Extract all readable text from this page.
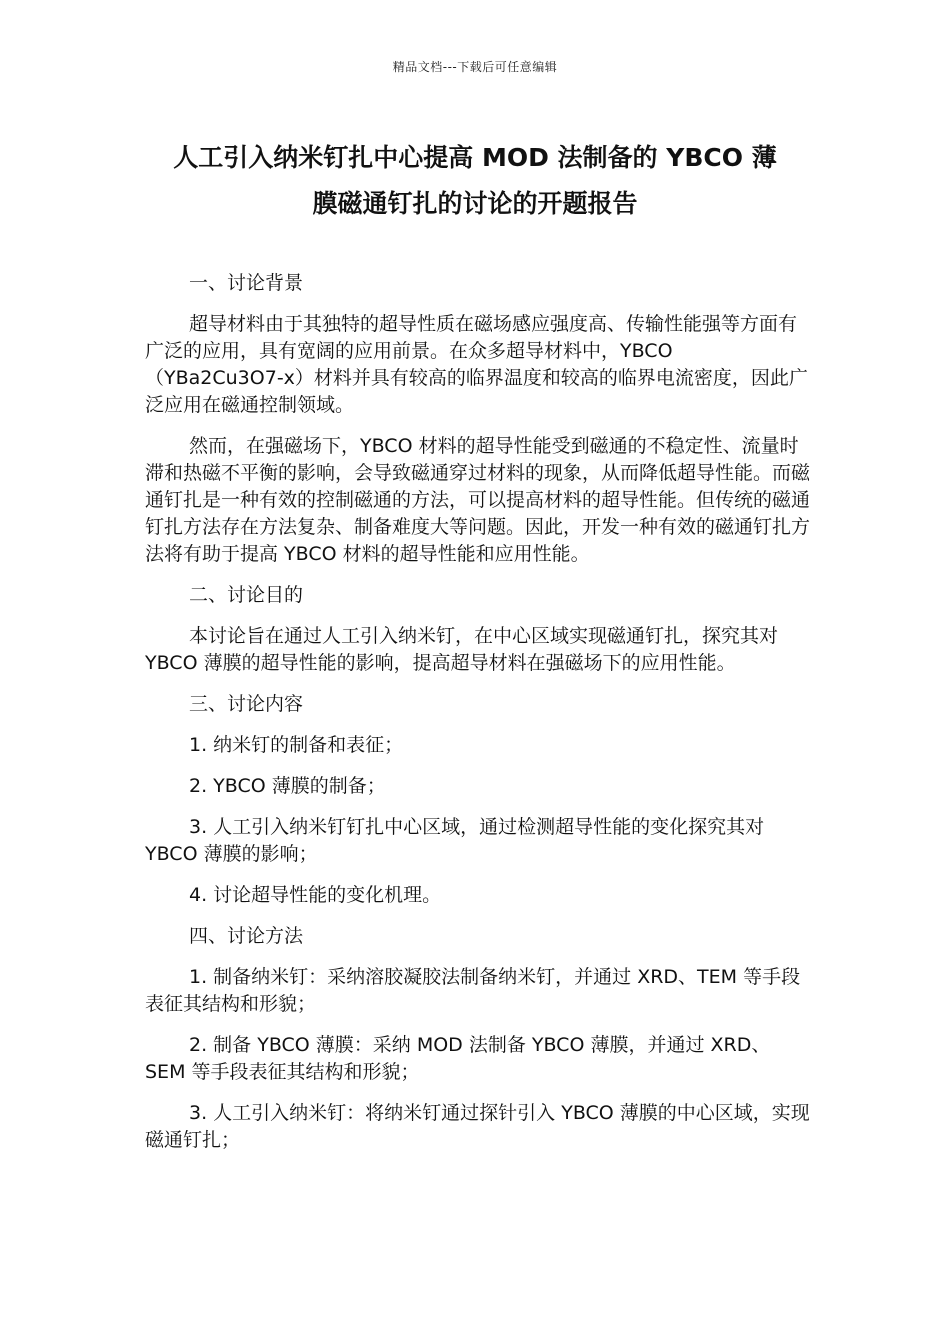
精品文档---下载后可任意编辑
人工引入纳米钉扎中心提高 MOD 法制备的 YBCO 薄
膜磁通钉扎的讨论的开题报告

一、讨论背景

超导材料由于其独特的超导性质在磁场感应强度高、传输性能强等方面有广泛的应用，具有宽阔的应用前景。在众多超导材料中，YBCO（YBa2Cu3O7-x）材料并具有较高的临界温度和较高的临界电流密度，因此广泛应用在磁通控制领域。

然而，在强磁场下，YBCO 材料的超导性能受到磁通的不稳定性、流量时滞和热磁不平衡的影响，会导致磁通穿过材料的现象，从而降低超导性能。而磁通钉扎是一种有效的控制磁通的方法，可以提高材料的超导性能。但传统的磁通钉扎方法存在方法复杂、制备难度大等问题。因此，开发一种有效的磁通钉扎方法将有助于提高 YBCO 材料的超导性能和应用性能。

二、讨论目的

本讨论旨在通过人工引入纳米钉，在中心区域实现磁通钉扎，探究其对 YBCO 薄膜的超导性能的影响，提高超导材料在强磁场下的应用性能。

三、讨论内容

1. 纳米钉的制备和表征；

2. YBCO 薄膜的制备；

3. 人工引入纳米钉钉扎中心区域，通过检测超导性能的变化探究其对 YBCO 薄膜的影响；

4. 讨论超导性能的变化机理。

四、讨论方法

1. 制备纳米钉：采纳溶胶凝胶法制备纳米钉，并通过 XRD、TEM 等手段表征其结构和形貌；

2. 制备 YBCO 薄膜：采纳 MOD 法制备 YBCO 薄膜，并通过 XRD、SEM 等手段表征其结构和形貌；

3. 人工引入纳米钉：将纳米钉通过探针引入 YBCO 薄膜的中心区域，实现磁通钉扎；
